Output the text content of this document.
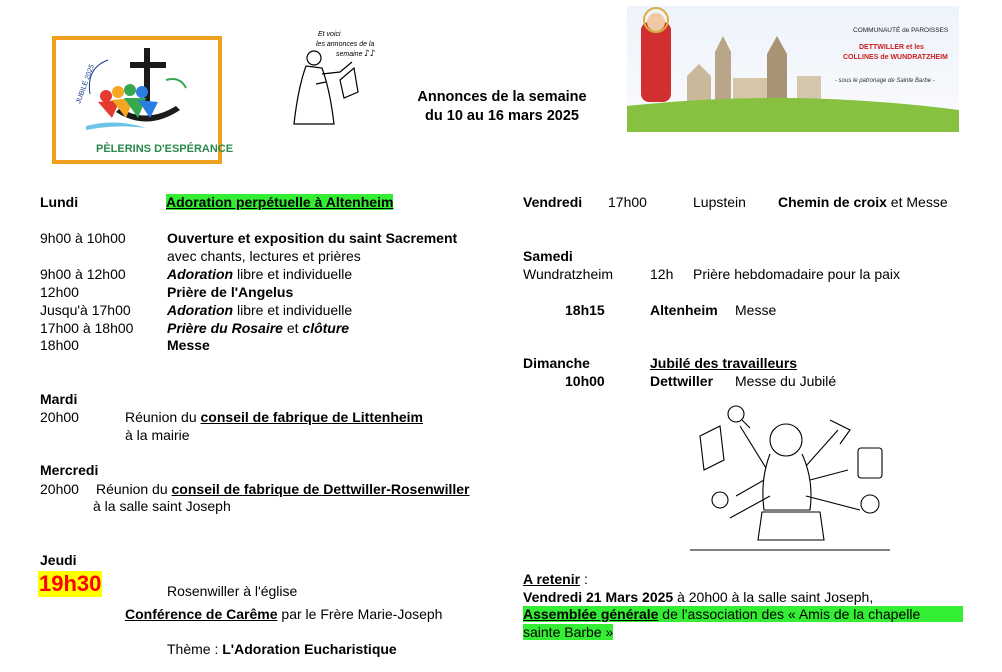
JUBILÉ 2025
PÈLERINS D'ESPÉRANCE
Et voici
les annonces de la
semaine ♪♪
Annonces de la semaine
du 10 au 16 mars 2025
COMMUNAUTÉ de PAROISSES
DETTWILLER et les
COLLINES de WUNDRATZHEIM
- sous le patronage de Sainte Barbe -
Lundi	Adoration perpétuelle à Altenheim
9h00 à 10h00	Ouverture et exposition du saint Sacrement
avec chants, lectures et prières
9h00 à 12h00	Adoration libre et individuelle
12h00	Prière de l'Angelus
Jusqu'à 17h00	Adoration libre et individuelle
17h00 à 18h00 Prière du Rosaire et clôture
18h00	Messe
Mardi
20h00	Réunion du conseil de fabrique de Littenheim
à la mairie
Mercredi
20h00 Réunion du conseil de fabrique de Dettwiller-Rosenwiller
à la salle saint Joseph
Jeudi
19h30	Rosenwiller à l'église
Conférence de Carême par le Frère Marie-Joseph
Thème : L'Adoration Eucharistique
Vendredi 17h00	Lupstein Chemin de croix et Messe
Samedi
Wundratzheim	12h Prière hebdomadaire pour la paix
18h15	Altenheim Messe
Dimanche	Jubilé des travailleurs
10h00	Dettwiller Messe du Jubilé
A retenir :
Vendredi 21 Mars 2025 à 20h00 à la salle saint Joseph,
Assemblée générale de l'association des « Amis de la chapelle
sainte Barbe »
